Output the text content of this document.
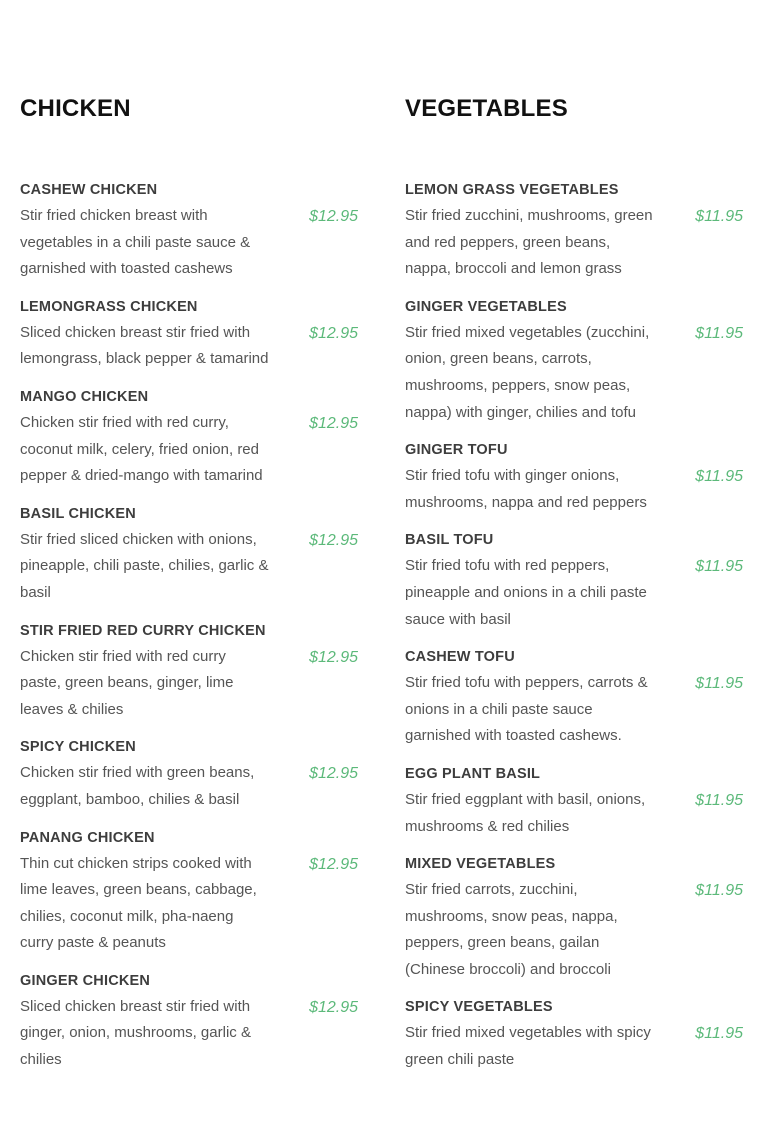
CHICKEN
CASHEW CHICKEN
Stir fried chicken breast with vegetables in a chili paste sauce & garnished with toasted cashews
$12.95
LEMONGRASS CHICKEN
Sliced chicken breast stir fried with lemongrass, black pepper & tamarind
$12.95
MANGO CHICKEN
Chicken stir fried with red curry, coconut milk, celery, fried onion, red pepper & dried-mango with tamarind
$12.95
BASIL CHICKEN
Stir fried sliced chicken with onions, pineapple, chili paste, chilies, garlic & basil
$12.95
STIR FRIED RED CURRY CHICKEN
Chicken stir fried with red curry paste, green beans, ginger, lime leaves & chilies
$12.95
SPICY CHICKEN
Chicken stir fried with green beans, eggplant, bamboo, chilies & basil
$12.95
PANANG CHICKEN
Thin cut chicken strips cooked with lime leaves, green beans, cabbage, chilies, coconut milk, pha-naeng curry paste & peanuts
$12.95
GINGER CHICKEN
Sliced chicken breast stir fried with ginger, onion, mushrooms, garlic & chilies
$12.95
VEGETABLES
LEMON GRASS VEGETABLES
Stir fried zucchini, mushrooms, green and red peppers, green beans, nappa, broccoli and lemon grass
$11.95
GINGER VEGETABLES
Stir fried mixed vegetables (zucchini, onion, green beans, carrots, mushrooms, peppers, snow peas, nappa) with ginger, chilies and tofu
$11.95
GINGER TOFU
Stir fried tofu with ginger onions, mushrooms, nappa and red peppers
$11.95
BASIL TOFU
Stir fried tofu with red peppers, pineapple and onions in a chili paste sauce with basil
$11.95
CASHEW TOFU
Stir fried tofu with peppers, carrots & onions in a chili paste sauce garnished with toasted cashews.
$11.95
EGG PLANT BASIL
Stir fried eggplant with basil, onions, mushrooms & red chilies
$11.95
MIXED VEGETABLES
Stir fried carrots, zucchini, mushrooms, snow peas, nappa, peppers, green beans, gailan (Chinese broccoli) and broccoli
$11.95
SPICY VEGETABLES
Stir fried mixed vegetables with spicy green chili paste
$11.95
